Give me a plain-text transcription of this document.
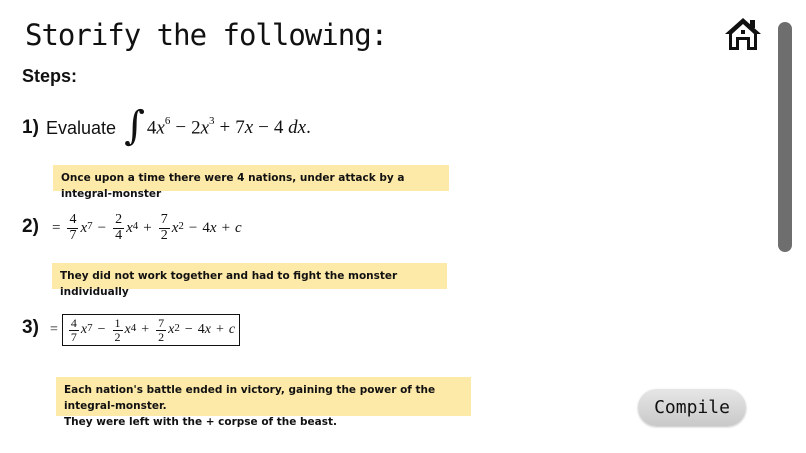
Storify the following:
Steps:
1) Evaluate ∫ $4x^6 - 2x^3 + 7x - 4$ dx.
Once upon a time there were 4 nations, under attack by a integral-monster
$2) = \frac{4}{7} x^7 - \frac{2}{4} x^4 + \frac{7}{2} x^2 - 4x + c$
They did not work together and had to fight the monster individually
$3) = \frac{4}{7} x^7 - \frac{1}{2} x^4 + \frac{7}{2} x^2 - 4x + c$
Each nation's battle ended in victory, gaining the power of the integral-monster.
They were left with the + corpse of the beast.
Compile
